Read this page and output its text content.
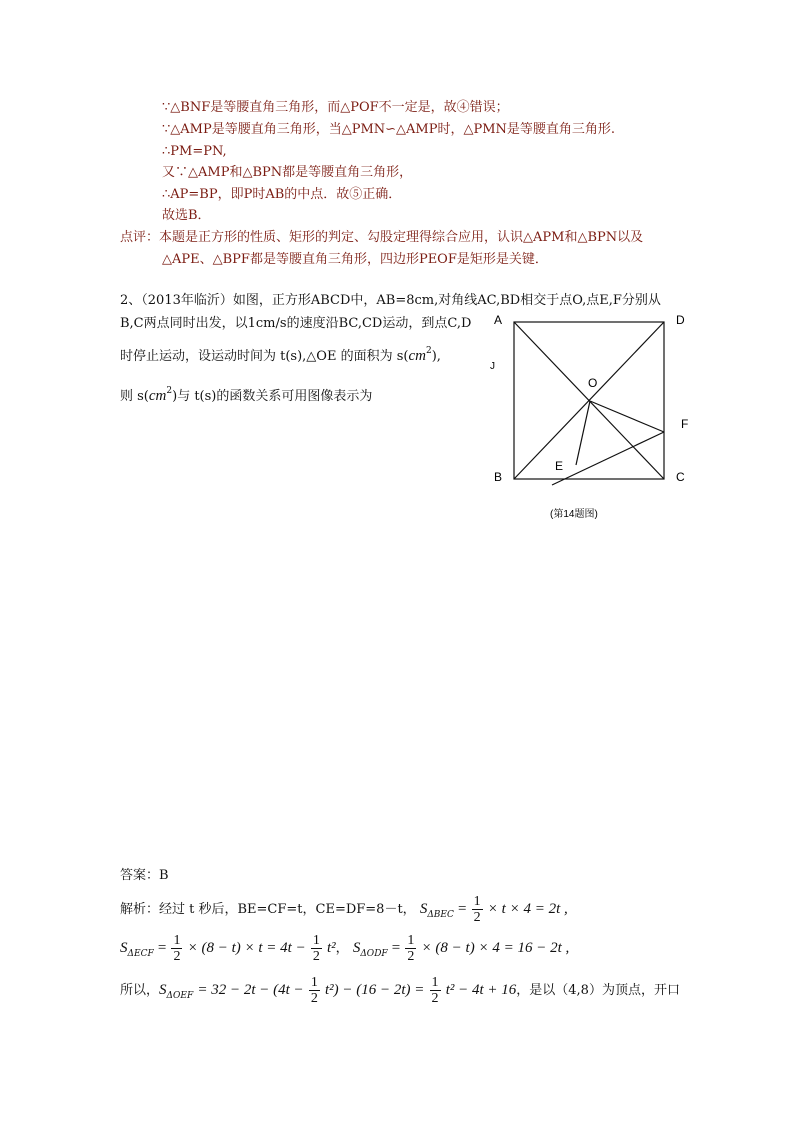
∵△BNF是等腰直角三角形，而△POF不一定是，故④错误；
∵△AMP是等腰直角三角形，当△PMN∽△AMP时，△PMN是等腰直角三角形.
∴PM=PN,
又∵△AMP和△BPN都是等腰直角三角形，
∴AP=BP，即P时AB的中点．故⑤正确．
故选B．
点评：本题是正方形的性质、矩形的判定、勾股定理得综合应用，认识△APM和△BPN以及
△APE、△BPF都是等腰直角三角形，四边形PEOF是矩形是关键．
2、（2013年临沂）如图，正方形ABCD中，AB=8cm,对角线AC,BD相交于点O,点E,F分别从
B,C两点同时出发，以1cm/s的速度沿BC,CD运动，到点C,D
时停止运动，设运动时间为 t(s),△OE 的面积为 $s(cm^2)$,
则 $s(cm^2)$与 t(s)的函数关系可用图像表示为
A	D
B	C
O
E
F
J
(第14题图)
答案：B
解析：经过 t 秒后，BE=CF=t，CE=DF=8－t， $S_{\Delta BEC} = \frac{1}{2} \times t \times 4 = 2t$ ,
$S_{\Delta ECF} = \frac{1}{2} \times (8 - t) \times t = 4t - \frac{1}{2} t^2$， $S_{\Delta ODF} = \frac{1}{2} \times (8 - t) \times 4 = 16 - 2t$ ,
所以，$S_{\Delta OEF} = 32 - 2t - (4t - \frac{1}{2} t^2) - (16 - 2t) = \frac{1}{2} t^2 - 4t + 16$，是以（4,8）为顶点，开口
